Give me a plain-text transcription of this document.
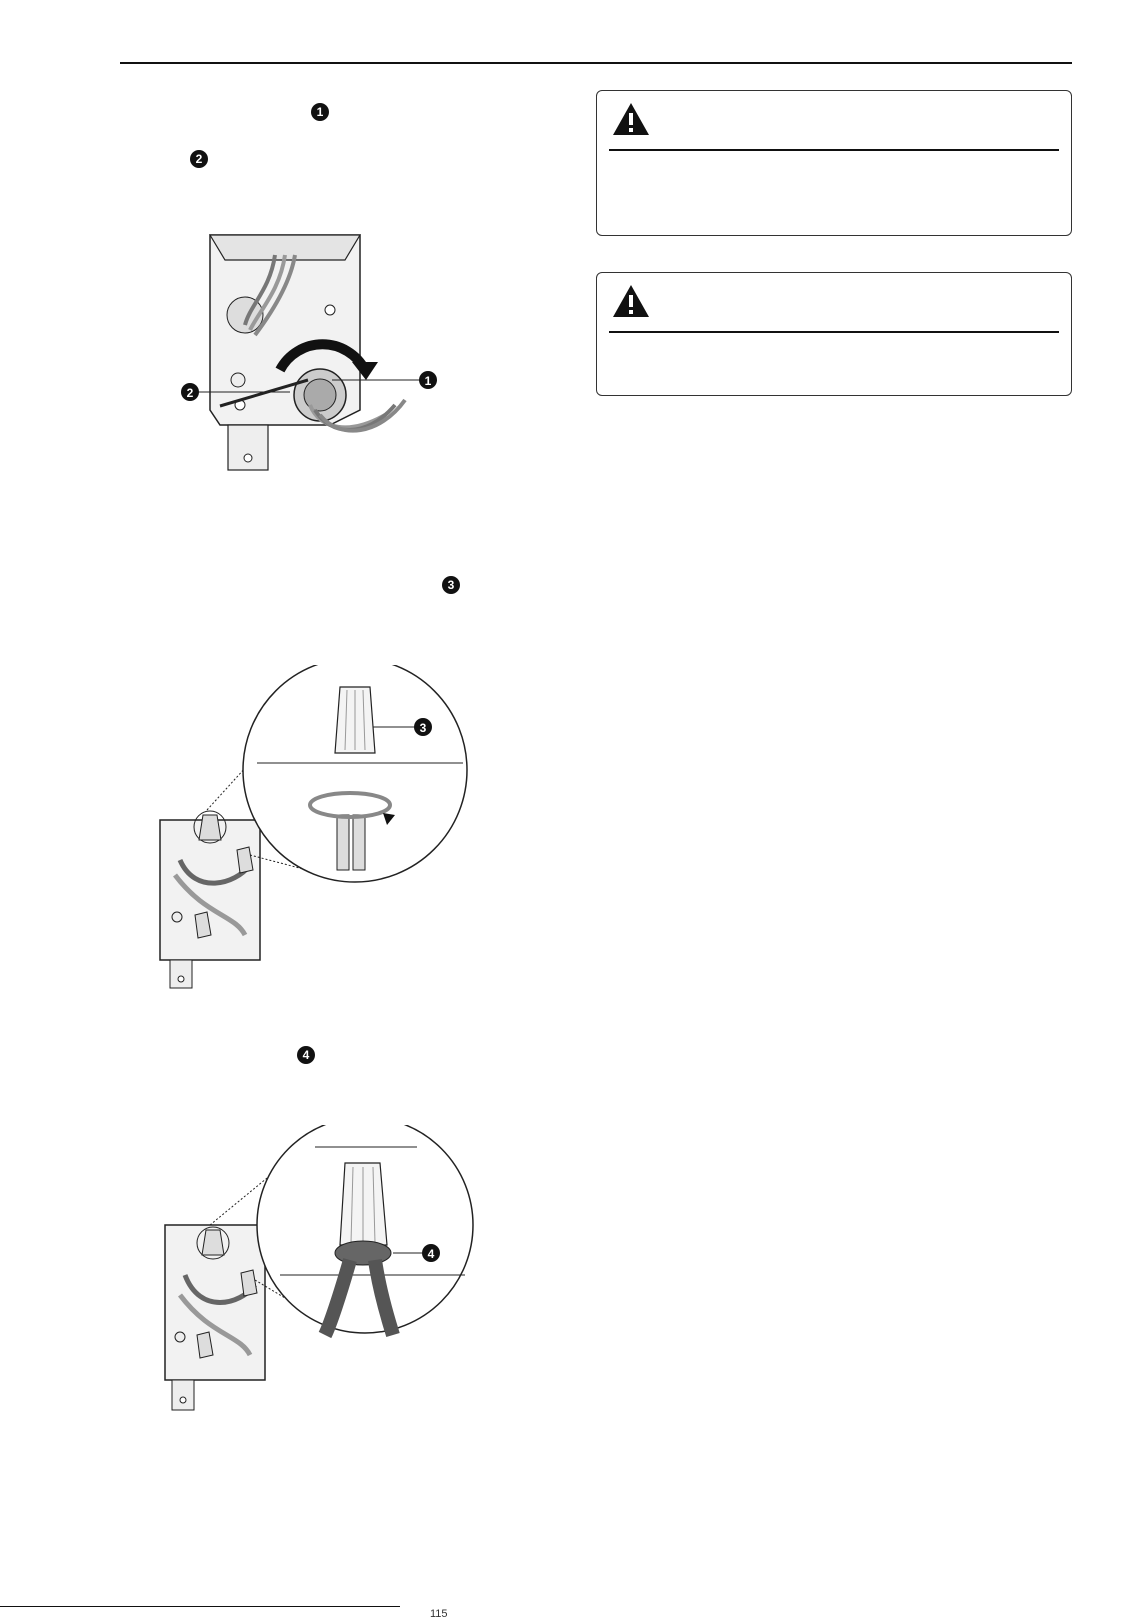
1
2
3
4
2
1
3
4
115
